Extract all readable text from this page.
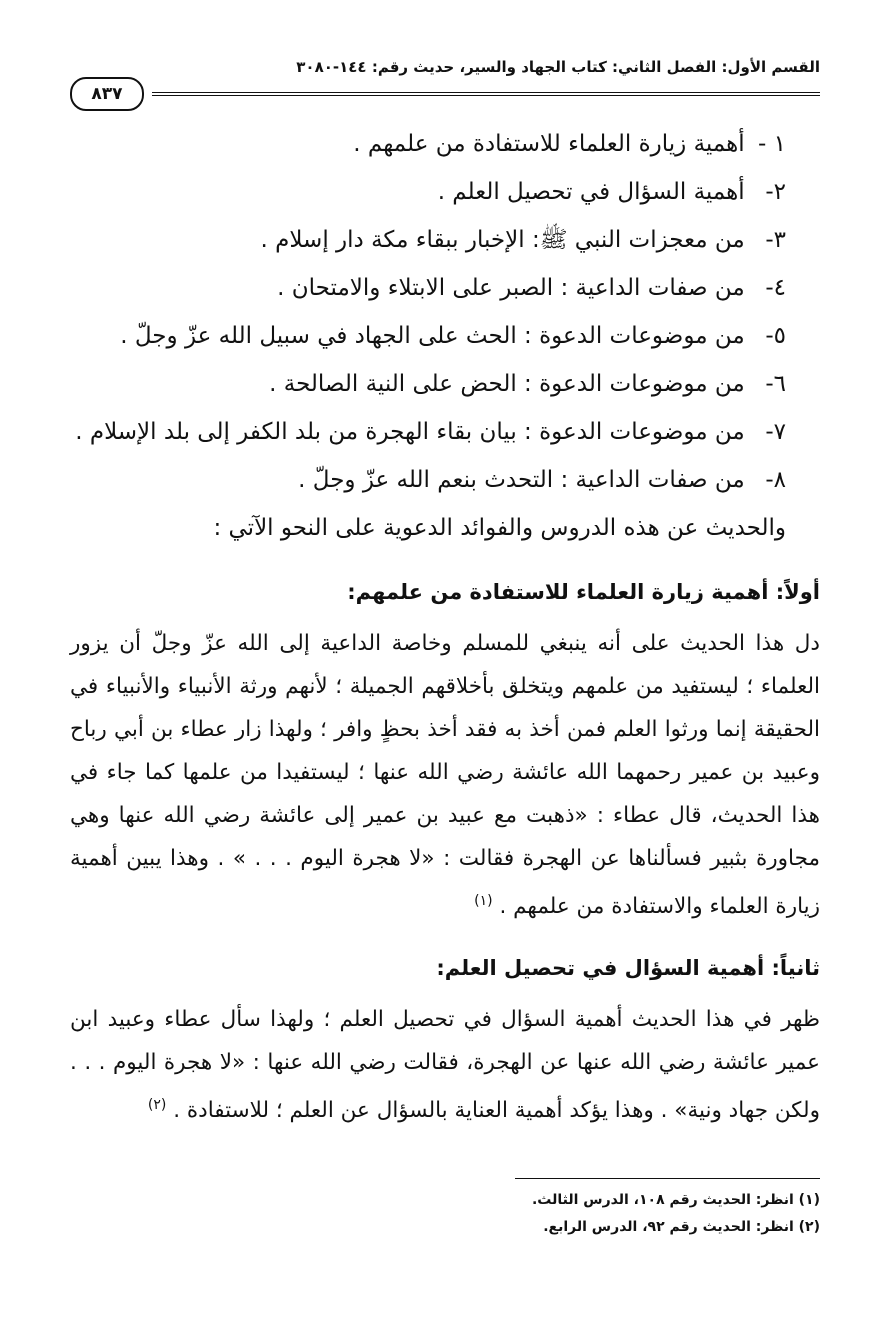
القسم الأول: الفصل الثاني: كتاب الجهاد والسير، حديث رقم: ١٤٤-٣٠٨٠
٨٣٧
١ - أهمية زيارة العلماء للاستفادة من علمهم .
٢- أهمية السؤال في تحصيل العلم .
٣- من معجزات النبي ﷺ: الإخبار ببقاء مكة دار إسلام .
٤- من صفات الداعية : الصبر على الابتلاء والامتحان .
٥- من موضوعات الدعوة : الحث على الجهاد في سبيل الله عزّ وجلّ .
٦- من موضوعات الدعوة : الحض على النية الصالحة .
٧- من موضوعات الدعوة : بيان بقاء الهجرة من بلد الكفر إلى بلد الإسلام .
٨- من صفات الداعية : التحدث بنعم الله عزّ وجلّ .

والحديث عن هذه الدروس والفوائد الدعوية على النحو الآتي :

أولاً: أهمية زيارة العلماء للاستفادة من علمهم:

دل هذا الحديث على أنه ينبغي للمسلم وخاصة الداعية إلى الله عزّ وجلّ أن يزور العلماء ؛ ليستفيد من علمهم ويتخلق بأخلاقهم الجميلة ؛ لأنهم ورثة الأنبياء والأنبياء في الحقيقة إنما ورثوا العلم فمن أخذ به فقد أخذ بحظٍ وافر ؛ ولهذا زار عطاء بن أبي رباح وعبيد بن عمير رحمهما الله عائشة رضي الله عنها ؛ ليستفيدا من علمها كما جاء في هذا الحديث، قال عطاء : «ذهبت مع عبيد بن عمير إلى عائشة رضي الله عنها وهي مجاورة بثبير فسألناها عن الهجرة فقالت : «لا هجرة اليوم . . . » . وهذا يبين أهمية زيارة العلماء والاستفادة من علمهم . $^{(١)}$

ثانياً: أهمية السؤال في تحصيل العلم:

ظهر في هذا الحديث أهمية السؤال في تحصيل العلم ؛ ولهذا سأل عطاء وعبيد ابن عمير عائشة رضي الله عنها عن الهجرة، فقالت رضي الله عنها : «لا هجرة اليوم . . . ولكن جهاد ونية» . وهذا يؤكد أهمية العناية بالسؤال عن العلم ؛ للاستفادة . $^{(٢)}$

(١) انظر: الحديث رقم ١٠٨، الدرس الثالث.

(٢) انظر: الحديث رقم ٩٢، الدرس الرابع.
